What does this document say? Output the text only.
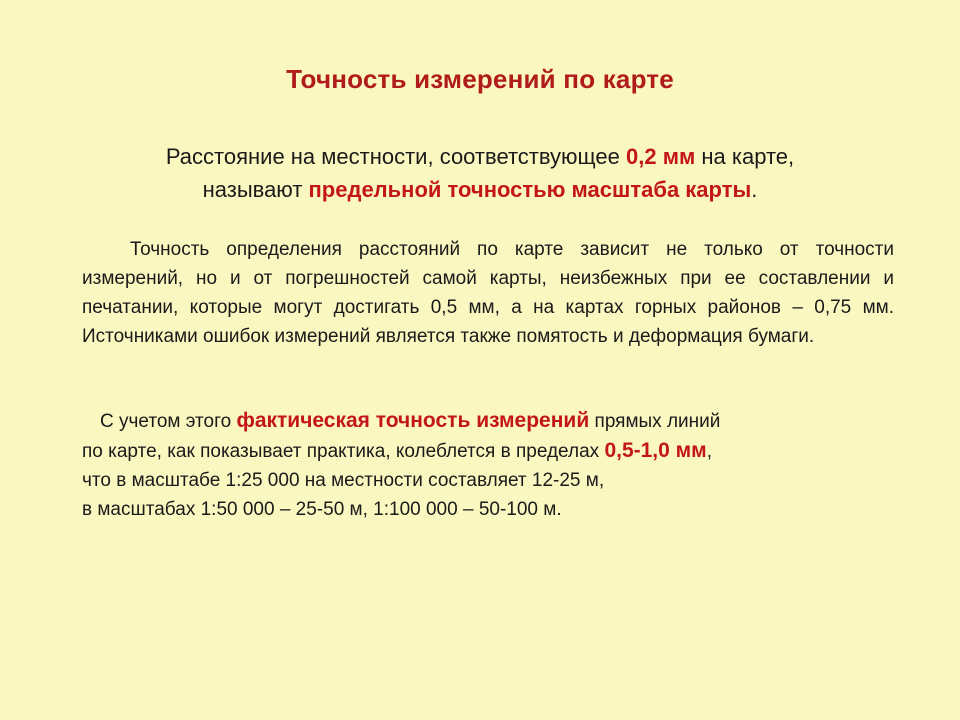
Точность измерений по карте
Расстояние на местности, соответствующее 0,2 мм на карте,
называют предельной точностью масштаба карты.
Точность определения расстояний по карте зависит не только от точности измерений, но и от погрешностей самой карты, неизбежных при ее составлении и печатании, которые могут достигать 0,5 мм, а на картах горных районов – 0,75 мм. Источниками ошибок измерений является также помятость и деформация бумаги.
С учетом этого фактическая точность измерений прямых линий
по карте, как показывает практика, колеблется в пределах 0,5-1,0 мм,
что в масштабе 1:25 000 на местности составляет 12-25 м,
в масштабах 1:50 000 – 25-50 м, 1:100 000 – 50-100 м.
